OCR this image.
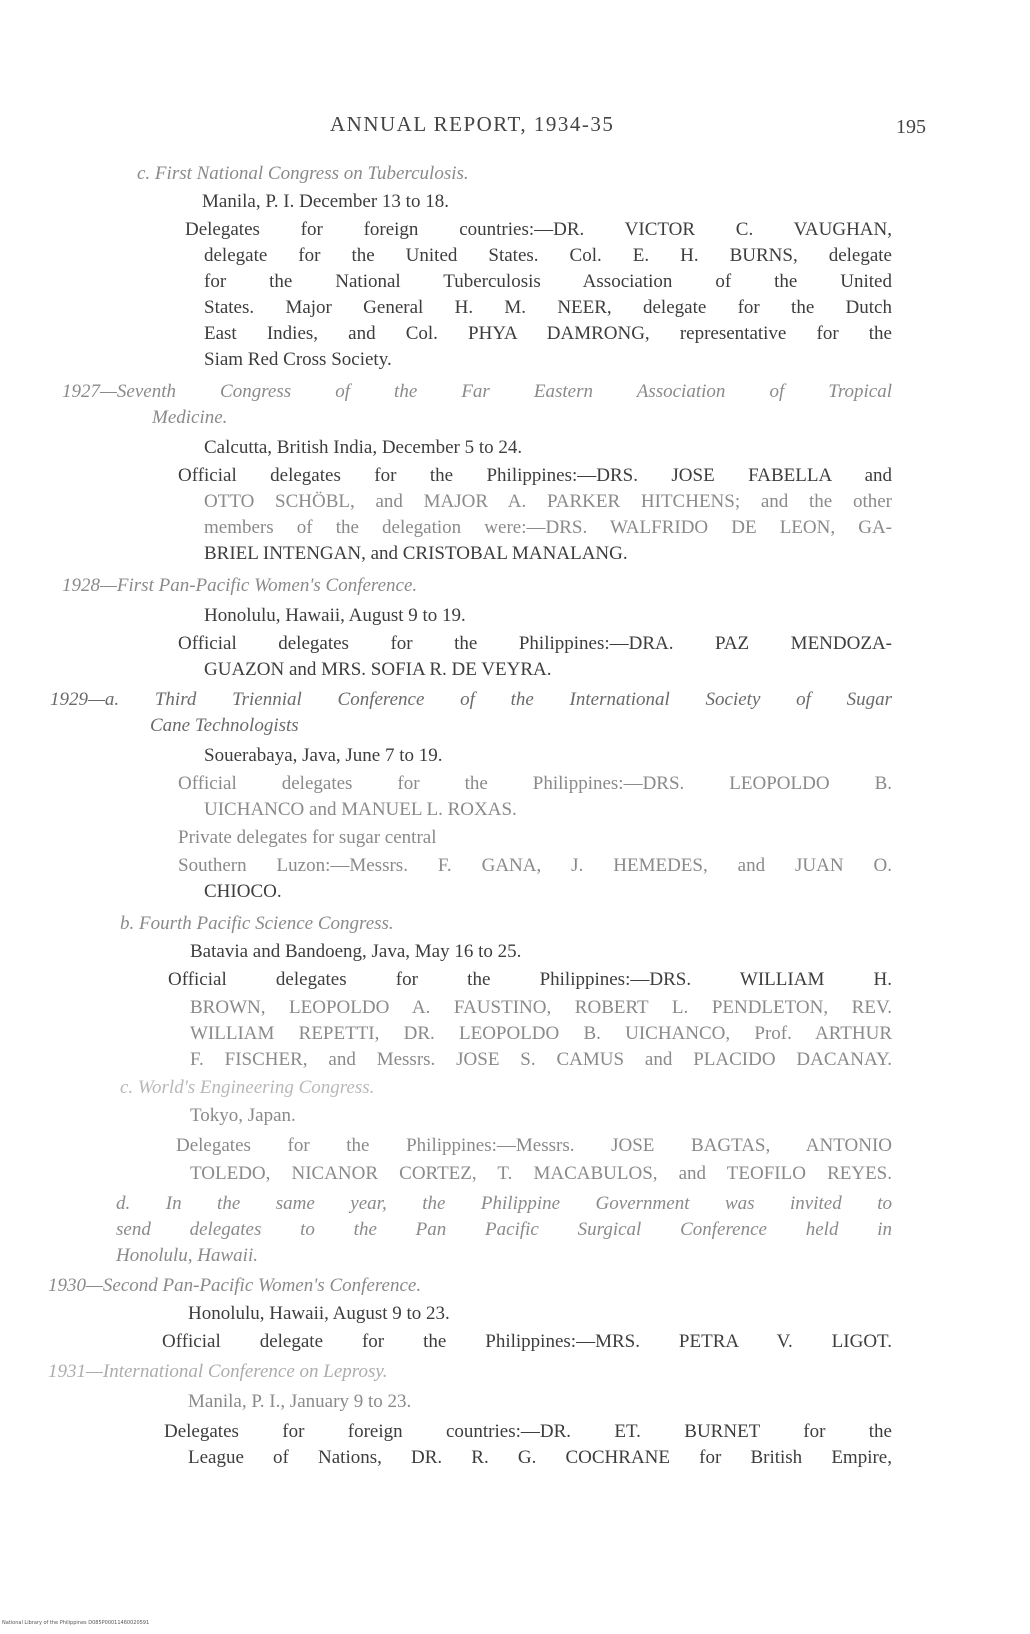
ANNUAL REPORT, 1934-35	195
c. First National Congress on Tuberculosis.
Manila, P. I. December 13 to 18.
Delegates for foreign countries:—DR. VICTOR C. VAUGHAN,
delegate for the United States. Col. E. H. BURNS, delegate
for the National Tuberculosis Association of the United
States. Major General H. M. NEER, delegate for the Dutch
East Indies, and Col. PHYA DAMRONG, representative for the
Siam Red Cross Society.
1927—Seventh Congress of the Far Eastern Association of Tropical
Medicine.
Calcutta, British India, December 5 to 24.
Official delegates for the Philippines:—DRS. JOSE FABELLA and
OTTO SCHÖBL, and MAJOR A. PARKER HITCHENS; and the other
members of the delegation were:—DRS. WALFRIDO DE LEON, GA-
BRIEL INTENGAN, and CRISTOBAL MANALANG.
1928—First Pan-Pacific Women's Conference.
Honolulu, Hawaii, August 9 to 19.
Official delegates for the Philippines:—DRA. PAZ MENDOZA-
GUAZON and MRS. SOFIA R. DE VEYRA.
1929—a. Third Triennial Conference of the International Society of Sugar
Cane Technologists
Souerabaya, Java, June 7 to 19.
Official delegates for the Philippines:—DRS. LEOPOLDO B.
UICHANCO and MANUEL L. ROXAS.
Private delegates for sugar central
Southern Luzon:—Messrs. F. GANA, J. HEMEDES, and JUAN O.
CHIOCO.
b. Fourth Pacific Science Congress.
Batavia and Bandoeng, Java, May 16 to 25.
Official delegates for the Philippines:—DRS. WILLIAM H.
BROWN, LEOPOLDO A. FAUSTINO, ROBERT L. PENDLETON, REV.
WILLIAM REPETTI, DR. LEOPOLDO B. UICHANCO, Prof. ARTHUR
F. FISCHER, and Messrs. JOSE S. CAMUS and PLACIDO DACANAY.
c. World's Engineering Congress.
Tokyo, Japan.
Delegates for the Philippines:—Messrs. JOSE BAGTAS, ANTONIO
TOLEDO, NICANOR CORTEZ, T. MACABULOS, and TEOFILO REYES.
d. In the same year, the Philippine Government was invited to
send delegates to the Pan Pacific Surgical Conference held in
Honolulu, Hawaii.
1930—Second Pan-Pacific Women's Conference.
Honolulu, Hawaii, August 9 to 23.
Official delegate for the Philippines:—MRS. PETRA V. LIGOT.
1931—International Conference on Leprosy.
Manila, P. I., January 9 to 23.
Delegates for foreign countries:—DR. ET. BURNET for the
League of Nations, DR. R. G. COCHRANE for British Empire,
National Library of the Philippines D085P00011460020591
